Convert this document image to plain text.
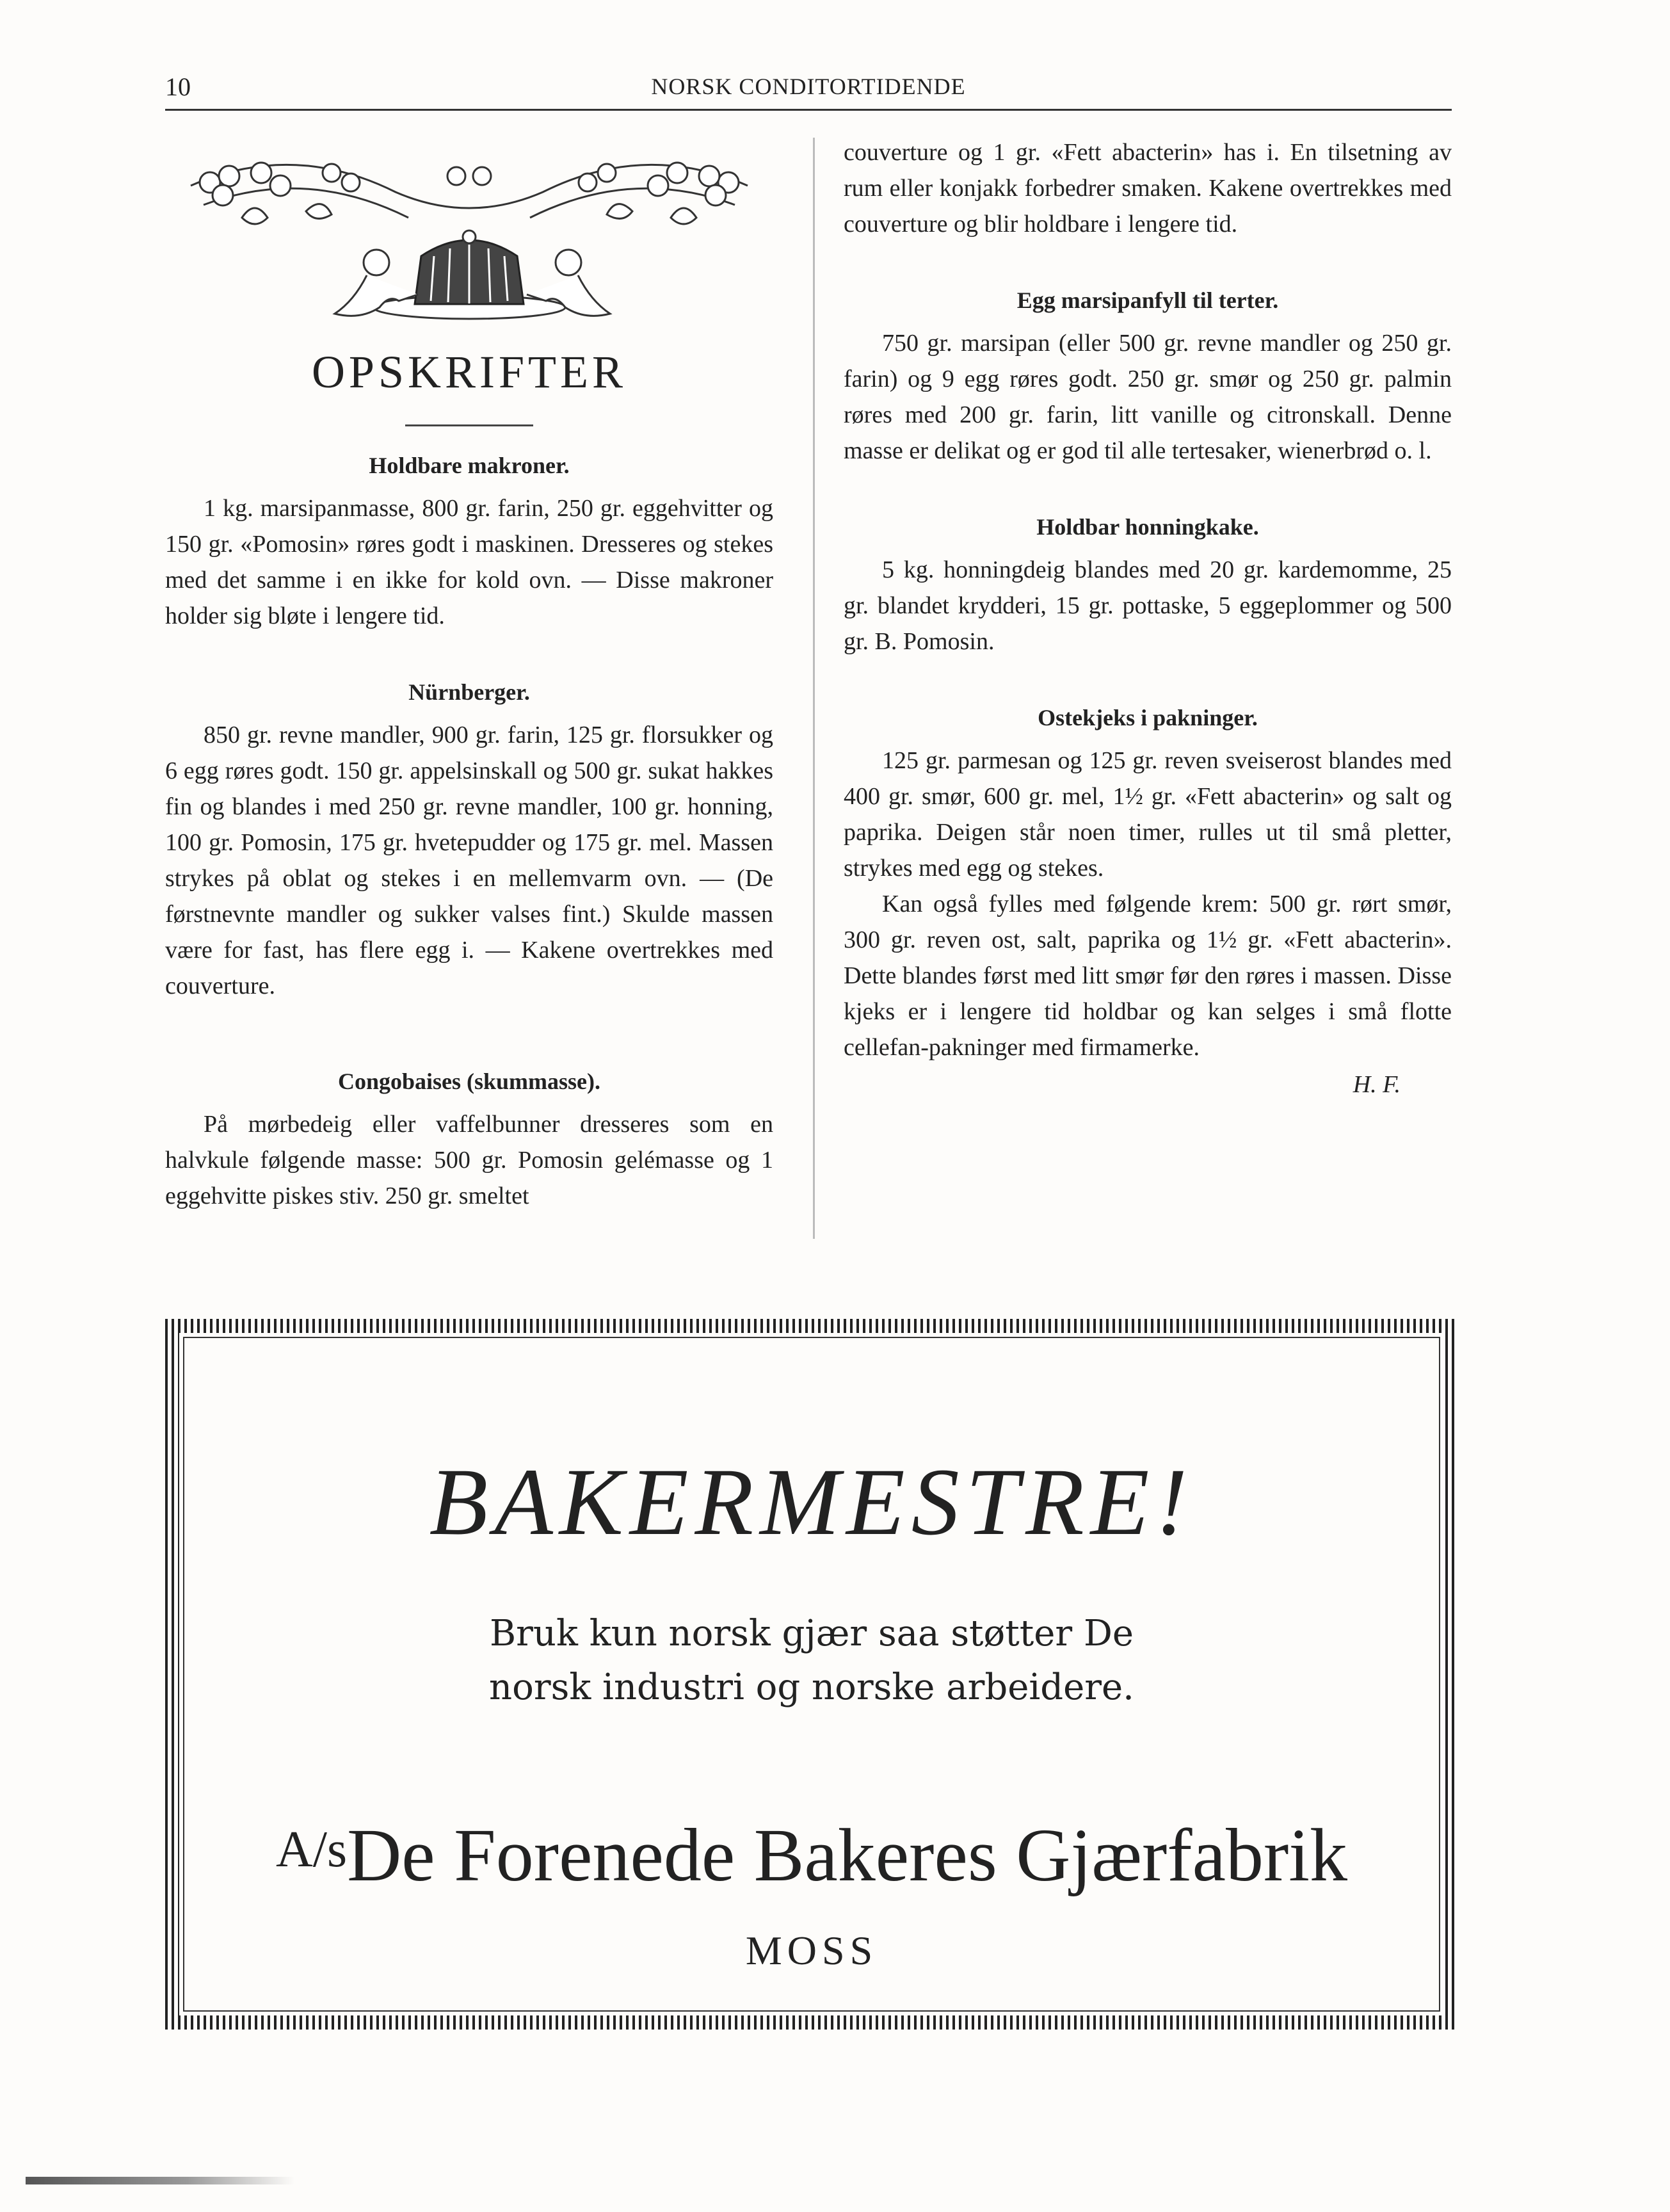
10	NORSK CONDITORTIDENDE
OPSKRIFTER
Holdbare makroner.

1 kg. marsipanmasse, 800 gr. farin, 250 gr. eggehvitter og 150 gr. «Pomosin» røres godt i maskinen. Dresseres og stekes med det samme i en ikke for kold ovn. — Disse makroner holder sig bløte i lengere tid.

Nürnberger.

850 gr. revne mandler, 900 gr. farin, 125 gr. florsukker og 6 egg røres godt. 150 gr. appelsinskall og 500 gr. sukat hakkes fin og blandes i med 250 gr. revne mandler, 100 gr. honning, 100 gr. Pomosin, 175 gr. hvetepudder og 175 gr. mel. Massen strykes på oblat og stekes i en mellemvarm ovn. — (De førstnevnte mandler og sukker valses fint.) Skulde massen være for fast, has flere egg i. — Kakene overtrekkes med couverture.

Congobaises (skummasse).

På mørbedeig eller vaffelbunner dresseres som en halvkule følgende masse: 500 gr. Pomosin gelémasse og 1 eggehvitte piskes stiv. 250 gr. smeltet

couverture og 1 gr. «Fett abacterin» has i. En tilsetning av rum eller konjakk forbedrer smaken. Kakene overtrekkes med couverture og blir holdbare i lengere tid.

Egg marsipanfyll til terter.

750 gr. marsipan (eller 500 gr. revne mandler og 250 gr. farin) og 9 egg røres godt. 250 gr. smør og 250 gr. palmin røres med 200 gr. farin, litt vanille og citronskall. Denne masse er delikat og er god til alle tertesaker, wienerbrød o. l.

Holdbar honningkake.

5 kg. honningdeig blandes med 20 gr. kardemomme, 25 gr. blandet krydderi, 15 gr. pottaske, 5 eggeplommer og 500 gr. B. Pomosin.

Ostekjeks i pakninger.

125 gr. parmesan og 125 gr. reven sveiserost blandes med 400 gr. smør, 600 gr. mel, 1½ gr. «Fett abacterin» og salt og paprika. Deigen står noen timer, rulles ut til små pletter, strykes med egg og stekes.

Kan også fylles med følgende krem: 500 gr. rørt smør, 300 gr. reven ost, salt, paprika og 1½ gr. «Fett abacterin». Dette blandes først med litt smør før den røres i massen. Disse kjeks er i lengere tid holdbar og kan selges i små flotte cellefan-pakninger med firmamerke.

H. F.
BAKERMESTRE!

Bruk kun norsk gjær saa støtter De
norsk industri og norske arbeidere.

A/sDe Forenede Bakeres Gjærfabrik

MOSS
